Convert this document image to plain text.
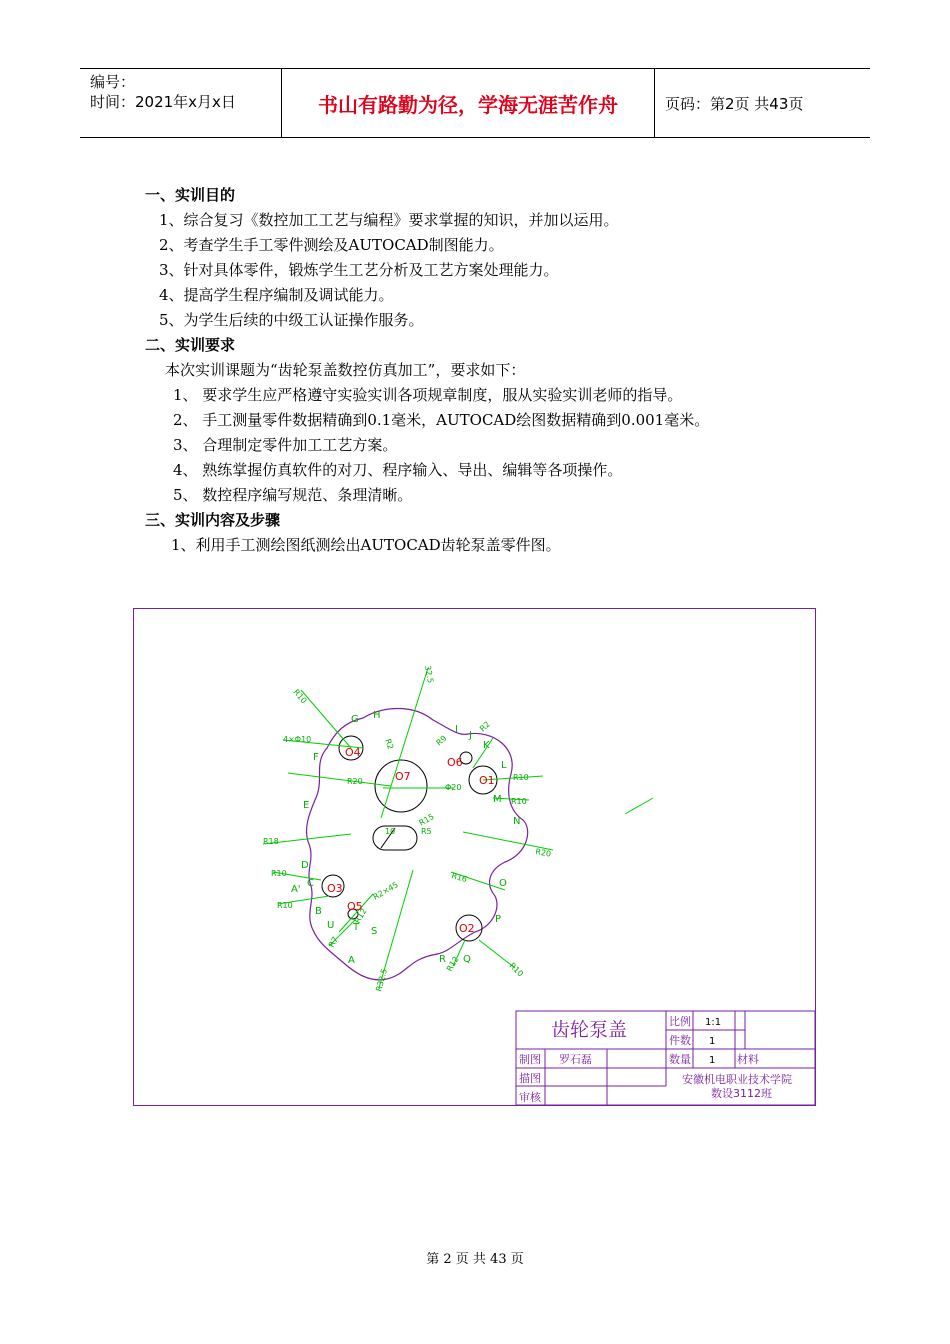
编号：
时间：2021年x月x日	书山有路勤为径，学海无涯苦作舟	页码：第2页 共43页
一、实训目的
1、综合复习《数控加工工艺与编程》要求掌握的知识，并加以运用。
2、考查学生手工零件测绘及AUTOCAD制图能力。
3、针对具体零件，锻炼学生工艺分析及工艺方案处理能力。
4、提高学生程序编制及调试能力。
5、为学生后续的中级工认证操作服务。
二、实训要求
本次实训课题为“齿轮泵盖数控仿真加工”，要求如下：
1、 要求学生应严格遵守实验实训各项规章制度，服从实验实训老师的指导。
2、 手工测量零件数据精确到0.1毫米，AUTOCAD绘图数据精确到0.001毫米。
3、 合理制定零件加工工艺方案。
4、 熟练掌握仿真软件的对刀、程序输入、导出、编辑等各项操作。
5、 数控程序编写规范、条理清晰。
三、实训内容及步骤
1、利用手工测绘图纸测绘出AUTOCAD齿轮泵盖零件图。
O1
O2
O3
O4
O5
O6
O7
A
B
C
D
E
F
G H
I
J
K
L
M
N
O
P
Q
R
S
T
U
A'
R10
4×Φ10
R20
R18
R10
R10
32.5
R2	R9
R2
Φ20
R10
R10
R20
R15
10	R5
R16
R2×45
R12
R7
R32.5
R12	R10
齿轮泵盖	比例 1:1
件数 1
制图 罗石磊	数量 1 材料
描图
审核
安徽机电职业技术学院
数设3112班
第 2 页 共 43 页
